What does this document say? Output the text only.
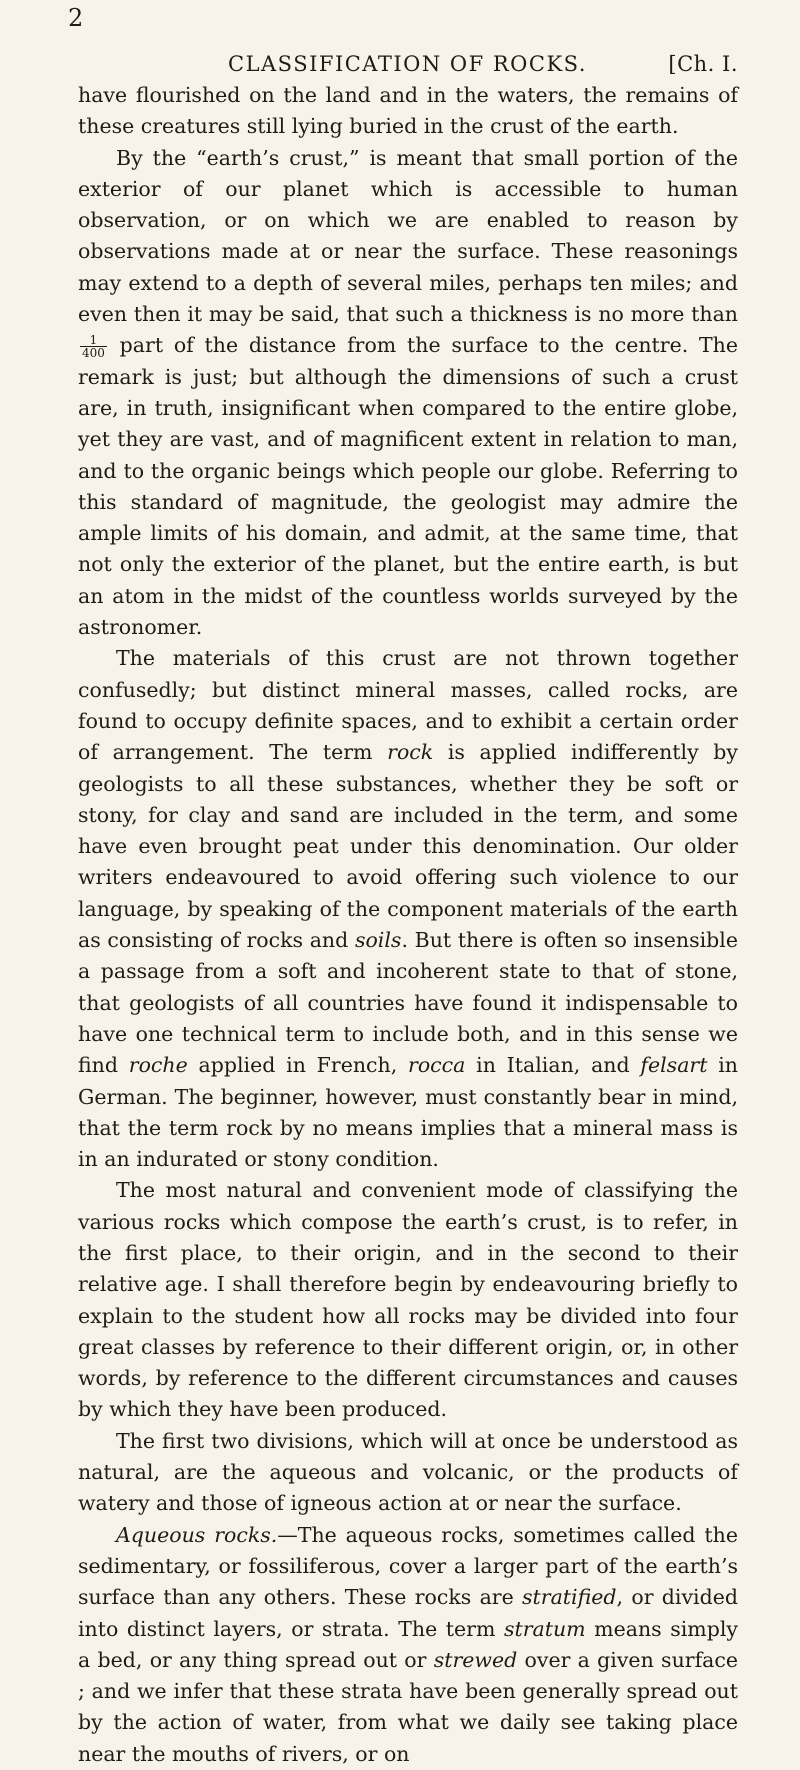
2
CLASSIFICATION OF ROCKS.	[Ch. I.

have flourished on the land and in the waters, the remains of these creatures still lying buried in the crust of the earth.

By the “earth’s crust,” is meant that small portion of the exterior of our planet which is accessible to human observation, or on which we are enabled to reason by observations made at or near the surface. These reasonings may extend to a depth of several miles, perhaps ten miles; and even then it may be said, that such a thickness is no more than
$\frac{1}{400}$ part of the distance from the surface to the centre. The remark is just; but although the dimensions of such a crust are, in truth, insignificant when compared to the entire globe, yet they are vast, and of magnificent extent in relation to man, and to the organic beings which people our globe. Referring to this standard of magnitude, the geologist may admire the ample limits of his domain, and admit, at the same time, that not only the exterior of the planet, but the entire earth, is but an atom in the midst of the countless worlds surveyed by the astronomer.

The materials of this crust are not thrown together confusedly; but distinct mineral masses, called rocks, are found to occupy definite spaces, and to exhibit a certain order of arrangement. The term rock is applied indifferently by geologists to all these substances, whether they be soft or stony, for clay and sand are included in the term, and some have even brought peat under this denomination. Our older writers endeavoured to avoid offering such violence to our language, by speaking of the component materials of the earth as consisting of rocks and soils. But there is often so insensible a passage from a soft and incoherent state to that of stone, that geologists of all countries have found it indispensable to have one technical term to include both, and in this sense we find roche applied in French, rocca in Italian, and felsart in German. The beginner, however, must constantly bear in mind, that the term rock by no means implies that a mineral mass is in an indurated or stony condition.

The most natural and convenient mode of classifying the various rocks which compose the earth’s crust, is to refer, in the first place, to their origin, and in the second to their relative age. I shall therefore begin by endeavouring briefly to explain to the student how all rocks may be divided into four great classes by reference to their different origin, or, in other words, by reference to the different circumstances and causes by which they have been produced.

The first two divisions, which will at once be understood as natural, are the aqueous and volcanic, or the products of watery and those of igneous action at or near the surface.

Aqueous rocks.—The aqueous rocks, sometimes called the sedimentary, or fossiliferous, cover a larger part of the earth’s surface than any others. These rocks are stratified, or divided into distinct layers, or strata. The term stratum means simply a bed, or any thing spread out or strewed over a given surface ; and we infer that these strata have been generally spread out by the action of water, from what we daily see taking place near the mouths of rivers, or on
